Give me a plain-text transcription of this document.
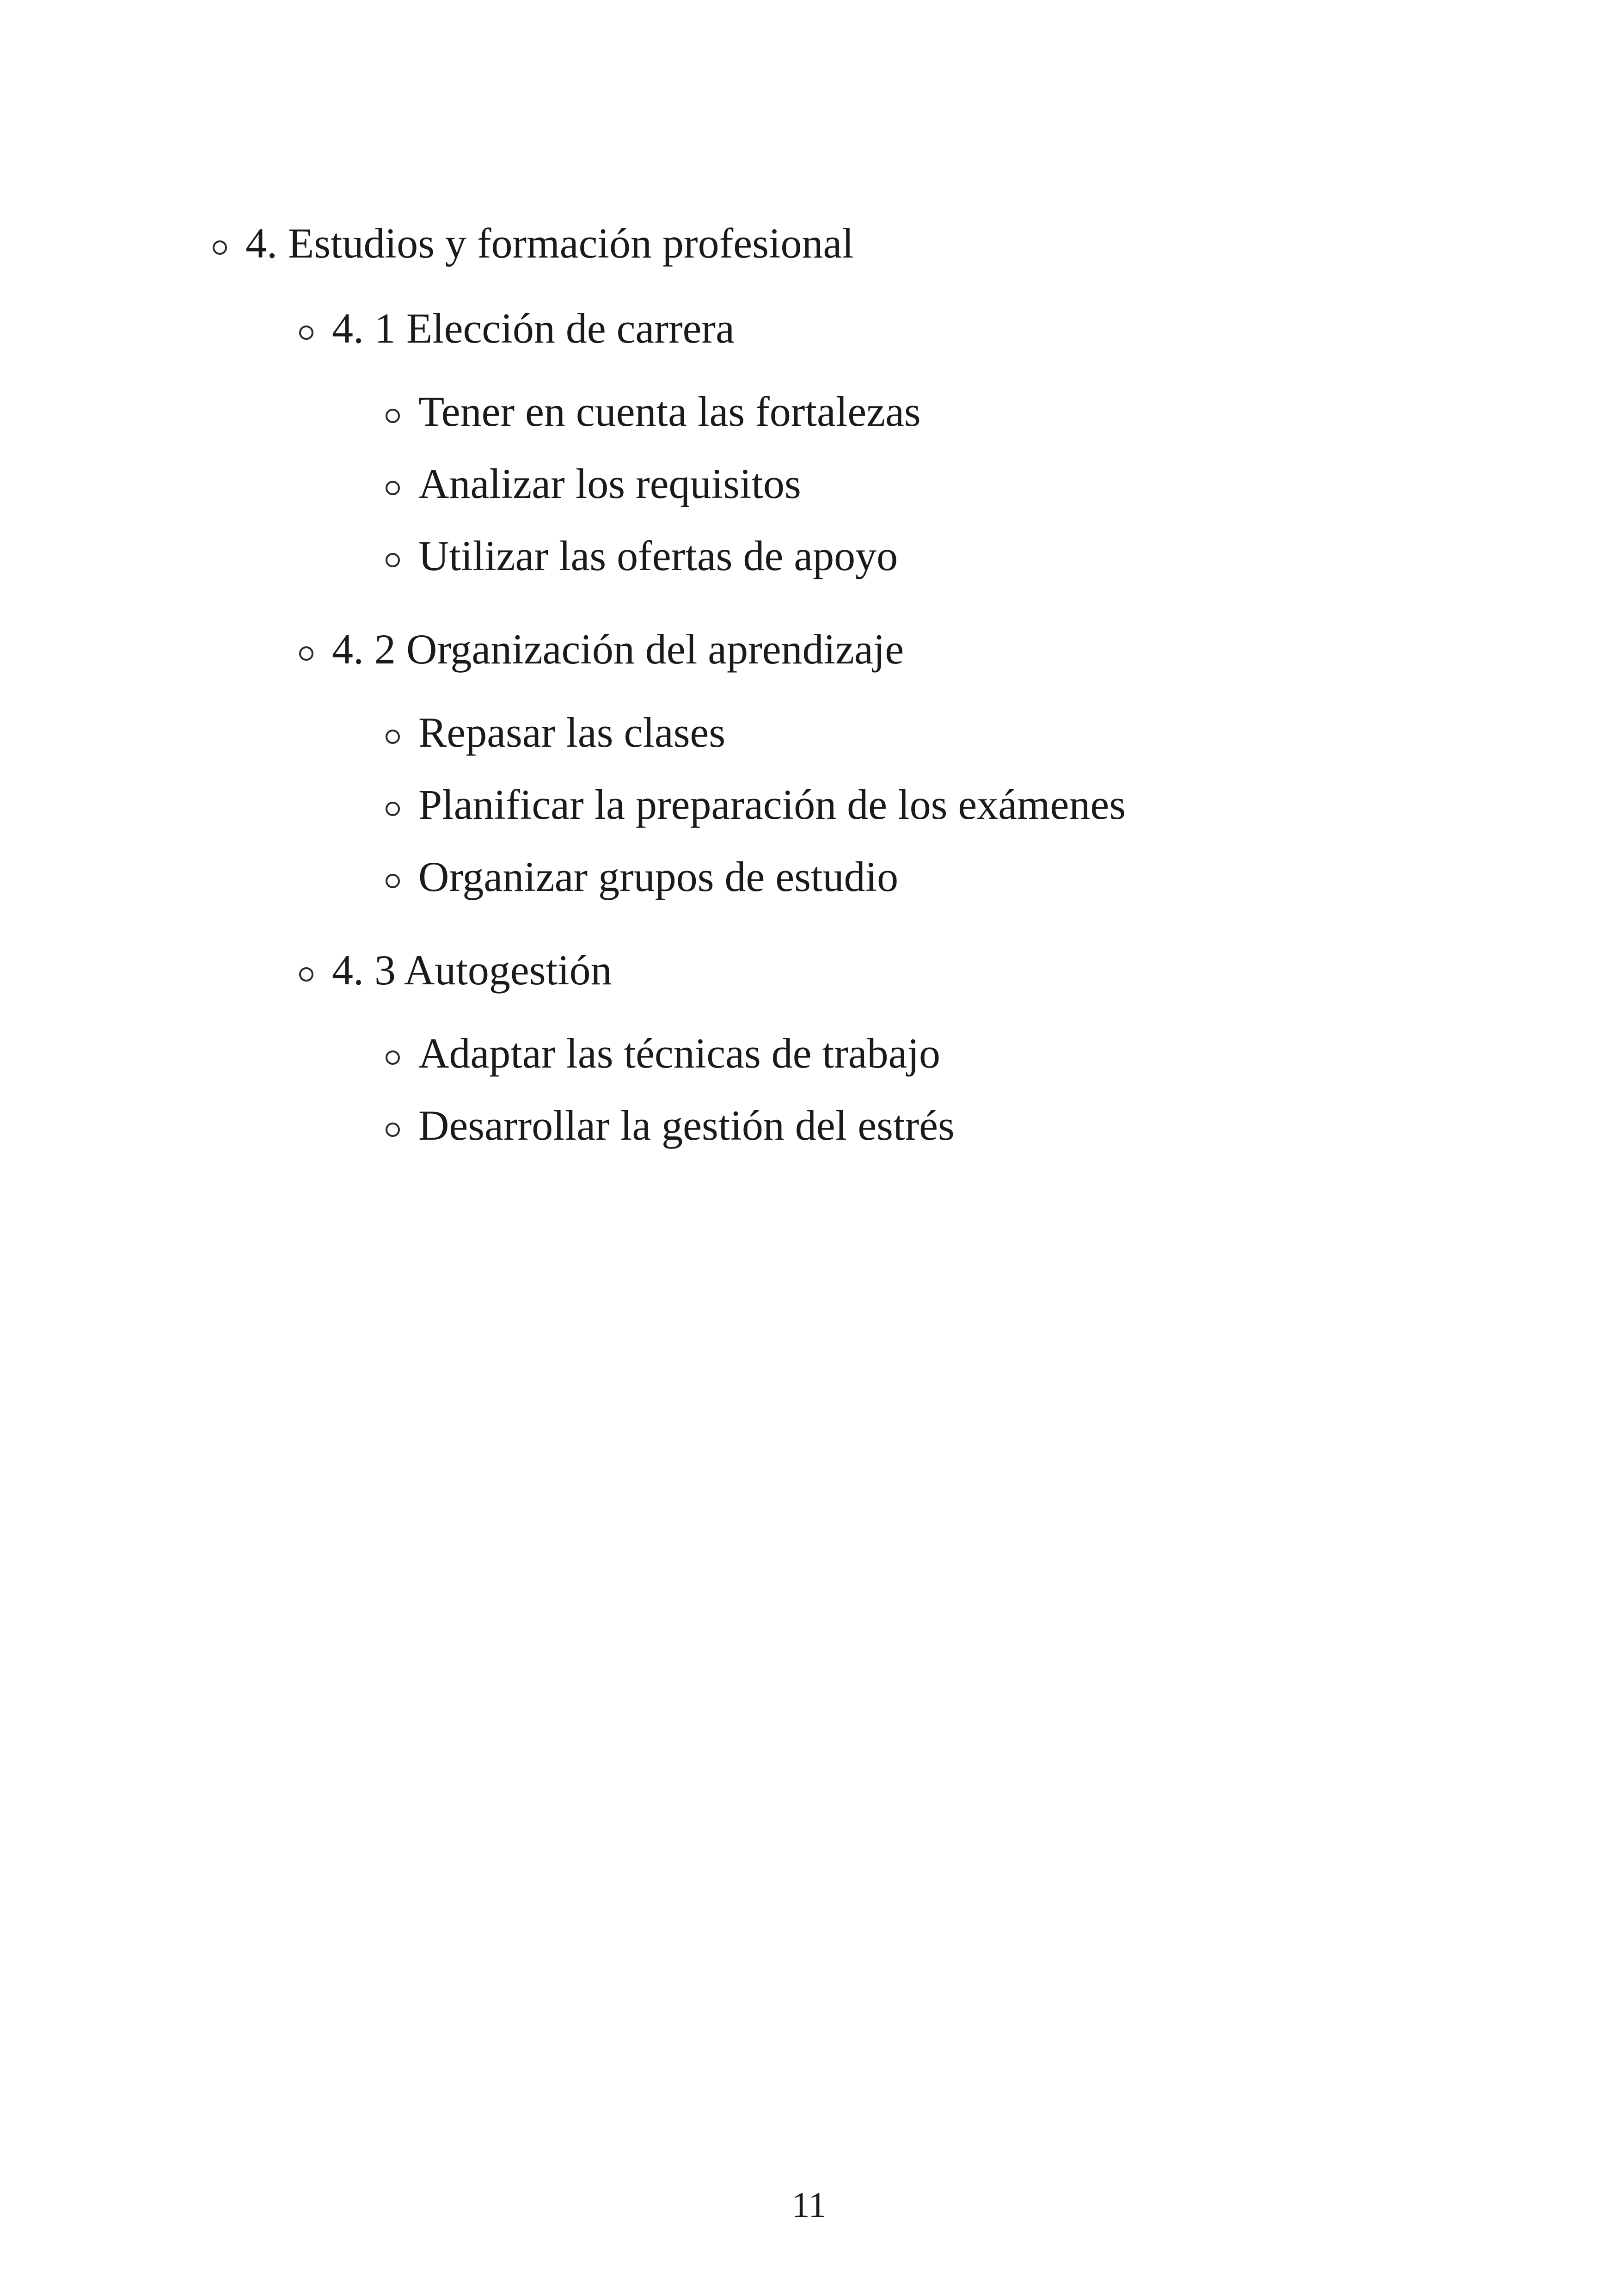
4. Estudios y formación profesional
4. 1 Elección de carrera
Tener en cuenta las fortalezas
Analizar los requisitos
Utilizar las ofertas de apoyo
4. 2 Organización del aprendizaje
Repasar las clases
Planificar la preparación de los exámenes
Organizar grupos de estudio
4. 3 Autogestión
Adaptar las técnicas de trabajo
Desarrollar la gestión del estrés
11
